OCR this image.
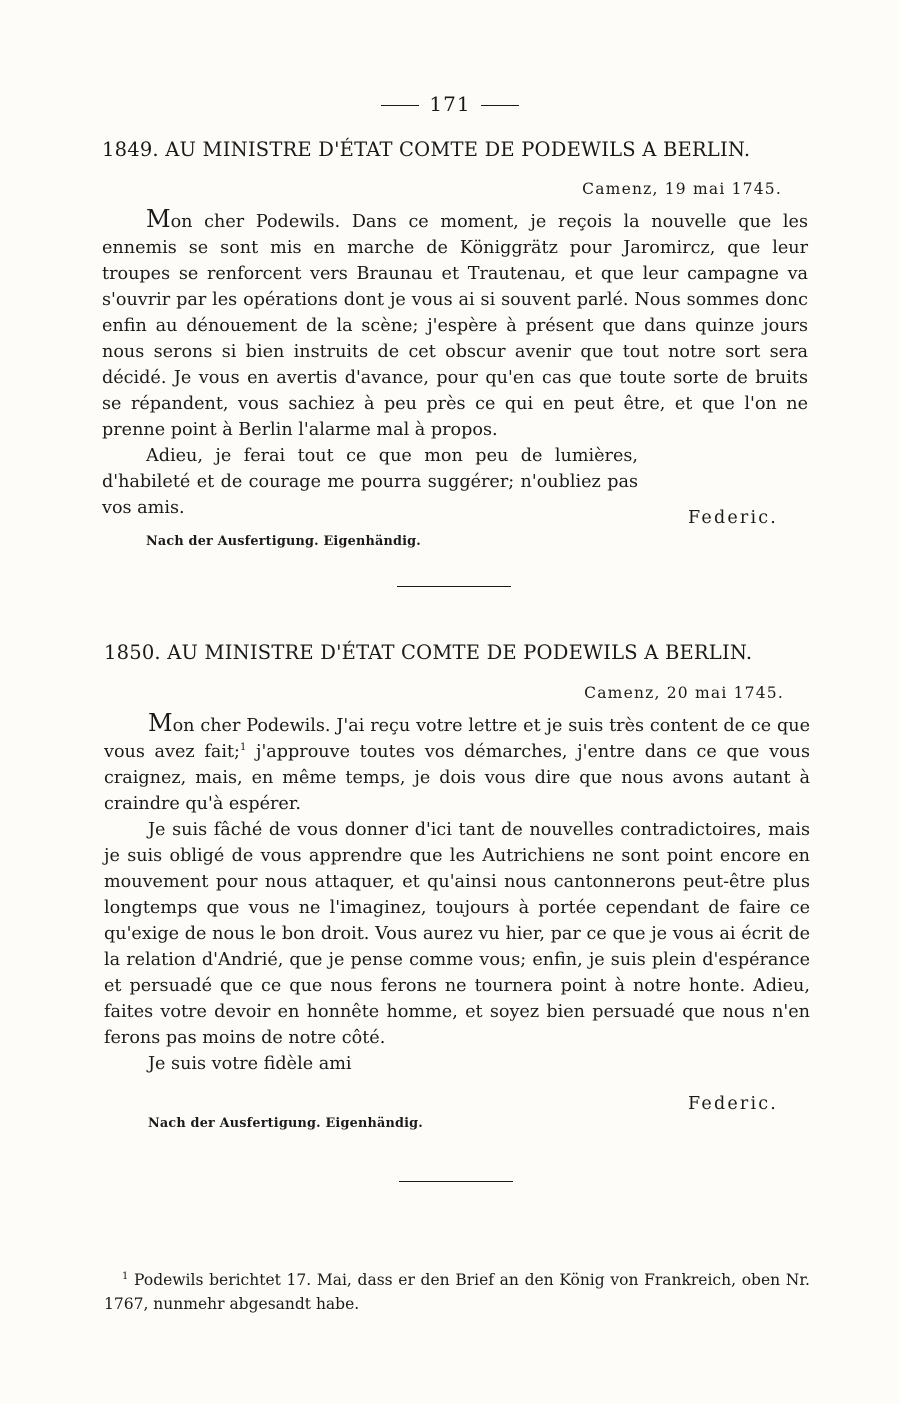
171
1849. AU MINISTRE D'ÉTAT COMTE DE PODEWILS A BERLIN.
Camenz, 19 mai 1745.

Mon cher Podewils. Dans ce moment, je reçois la nouvelle que les ennemis se sont mis en marche de Königgrätz pour Jaromircz, que leur troupes se renforcent vers Braunau et Trautenau, et que leur campagne va s'ouvrir par les opérations dont je vous ai si souvent parlé. Nous sommes donc enfin au dénouement de la scène; j'espère à présent que dans quinze jours nous serons si bien instruits de cet obscur avenir que tout notre sort sera décidé. Je vous en avertis d'avance, pour qu'en cas que toute sorte de bruits se répandent, vous sachiez à peu près ce qui en peut être, et que l'on ne prenne point à Berlin l'alarme mal à propos.

Adieu, je ferai tout ce que mon peu de lumières, d'habileté et de courage me pourra suggérer; n'oubliez pas vos amis.	Federic.
Nach der Ausfertigung. Eigenhändig.
1850. AU MINISTRE D'ÉTAT COMTE DE PODEWILS A BERLIN.
Camenz, 20 mai 1745.

Mon cher Podewils. J'ai reçu votre lettre et je suis très content de ce que vous avez fait;$^1$ j'approuve toutes vos démarches, j'entre dans ce que vous craignez, mais, en même temps, je dois vous dire que nous avons autant à craindre qu'à espérer.

Je suis fâché de vous donner d'ici tant de nouvelles contradictoires, mais je suis obligé de vous apprendre que les Autrichiens ne sont point encore en mouvement pour nous attaquer, et qu'ainsi nous cantonnerons peut-être plus longtemps que vous ne l'imaginez, toujours à portée cependant de faire ce qu'exige de nous le bon droit. Vous aurez vu hier, par ce que je vous ai écrit de la relation d'Andrié, que je pense comme vous; enfin, je suis plein d'espérance et persuadé que ce que nous ferons ne tournera point à notre honte. Adieu, faites votre devoir en honnête homme, et soyez bien persuadé que nous n'en ferons pas moins de notre côté.

Je suis votre fidèle ami

Federic.
Nach der Ausfertigung. Eigenhändig.

$^1$ Podewils berichtet 17. Mai, dass er den Brief an den König von Frankreich, oben Nr. 1767, nunmehr abgesandt habe.
